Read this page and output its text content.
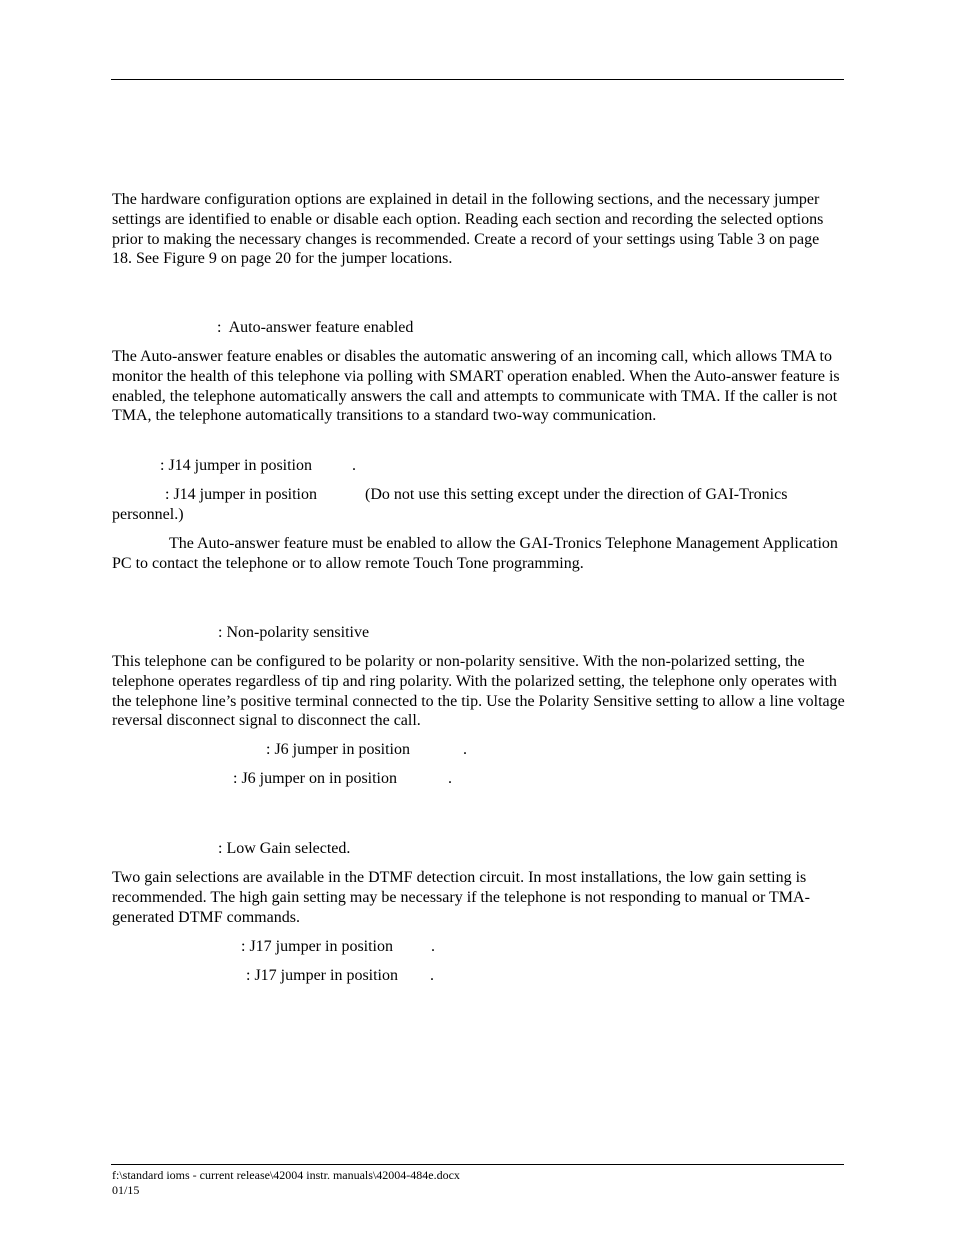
The hardware configuration options are explained in detail in the following sections, and the necessary jumper settings are identified to enable or disable each option. Reading each section and recording the selected options prior to making the necessary changes is recommended. Create a record of your settings using Table 3 on page 18. See Figure 9 on page 20 for the jumper locations.
:  Auto-answer feature enabled
The Auto-answer feature enables or disables the automatic answering of an incoming call, which allows TMA to monitor the health of this telephone via polling with SMART operation enabled. When the Auto-answer feature is enabled, the telephone automatically answers the call and attempts to communicate with TMA. If the caller is not TMA, the telephone automatically transitions to a standard two-way communication.
: J14 jumper in position	.
: J14 jumper in position	(Do not use this setting except under the direction of GAI-Tronics personnel.)
The Auto-answer feature must be enabled to allow the GAI-Tronics Telephone Management Application PC to contact the telephone or to allow remote Touch Tone programming.
: Non-polarity sensitive
This telephone can be configured to be polarity or non-polarity sensitive. With the non-polarized setting, the telephone operates regardless of tip and ring polarity. With the polarized setting, the telephone only operates with the telephone line’s positive terminal connected to the tip. Use the Polarity Sensitive setting to allow a line voltage reversal disconnect signal to disconnect the call.
: J6 jumper in position	.
: J6 jumper on in position	.
: Low Gain selected.
Two gain selections are available in the DTMF detection circuit. In most installations, the low gain setting is recommended. The high gain setting may be necessary if the telephone is not responding to manual or TMA-generated DTMF commands.
: J17 jumper in position .
: J17 jumper in position .
f:\standard ioms - current release\42004 instr. manuals\42004-484e.docx
01/15
